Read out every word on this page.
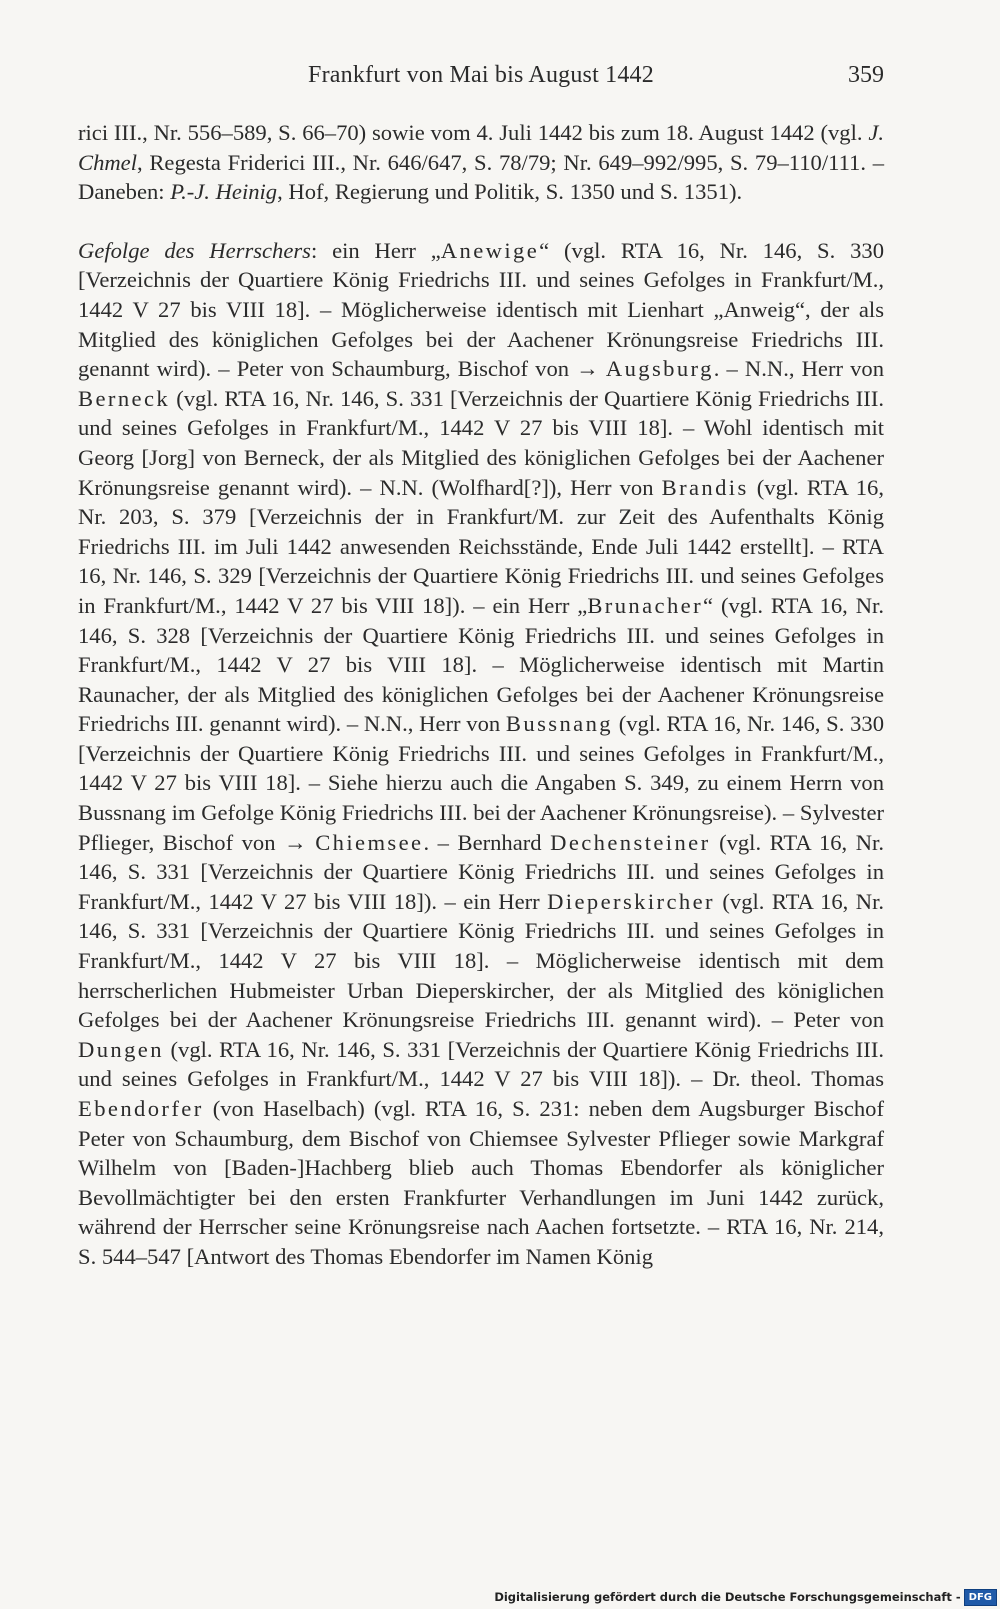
Frankfurt von Mai bis August 1442	359

rici III., Nr. 556–589, S. 66–70) sowie vom 4. Juli 1442 bis zum 18. August 1442 (vgl. J. Chmel, Regesta Friderici III., Nr. 646/647, S. 78/79; Nr. 649–992/995, S. 79–110/111. – Daneben: P.-J. Heinig, Hof, Regierung und Politik, S. 1350 und S. 1351).

Gefolge des Herrschers: ein Herr „Anewige“ (vgl. RTA 16, Nr. 146, S. 330 [Verzeichnis der Quartiere König Friedrichs III. und seines Gefolges in Frankfurt/M., 1442 V 27 bis VIII 18]. – Möglicherweise identisch mit Lienhart „Anweig“, der als Mitglied des königlichen Gefolges bei der Aachener Krönungsreise Friedrichs III. genannt wird). – Peter von Schaumburg, Bischof von → Augsburg. – N.N., Herr von Berneck (vgl. RTA 16, Nr. 146, S. 331 [Verzeichnis der Quartiere König Friedrichs III. und seines Gefolges in Frankfurt/M., 1442 V 27 bis VIII 18]. – Wohl identisch mit Georg [Jorg] von Berneck, der als Mitglied des königlichen Gefolges bei der Aachener Krönungsreise genannt wird). – N.N. (Wolfhard[?]), Herr von Brandis (vgl. RTA 16, Nr. 203, S. 379 [Verzeichnis der in Frankfurt/M. zur Zeit des Aufenthalts König Friedrichs III. im Juli 1442 anwesenden Reichsstände, Ende Juli 1442 erstellt]. – RTA 16, Nr. 146, S. 329 [Verzeichnis der Quartiere König Friedrichs III. und seines Gefolges in Frankfurt/M., 1442 V 27 bis VIII 18]). – ein Herr „Brunacher“ (vgl. RTA 16, Nr. 146, S. 328 [Verzeichnis der Quartiere König Friedrichs III. und seines Gefolges in Frankfurt/M., 1442 V 27 bis VIII 18]. – Möglicherweise identisch mit Martin Raunacher, der als Mitglied des königlichen Gefolges bei der Aachener Krönungsreise Friedrichs III. genannt wird). – N.N., Herr von Bussnang (vgl. RTA 16, Nr. 146, S. 330 [Verzeichnis der Quartiere König Friedrichs III. und seines Gefolges in Frankfurt/M., 1442 V 27 bis VIII 18]. – Siehe hierzu auch die Angaben S. 349, zu einem Herrn von Bussnang im Gefolge König Friedrichs III. bei der Aachener Krönungsreise). – Sylvester Pflieger, Bischof von → Chiemsee. – Bernhard Dechensteiner (vgl. RTA 16, Nr. 146, S. 331 [Verzeichnis der Quartiere König Friedrichs III. und seines Gefolges in Frankfurt/M., 1442 V 27 bis VIII 18]). – ein Herr Dieperskircher (vgl. RTA 16, Nr. 146, S. 331 [Verzeichnis der Quartiere König Friedrichs III. und seines Gefolges in Frankfurt/M., 1442 V 27 bis VIII 18]. – Möglicherweise identisch mit dem herrscherlichen Hubmeister Urban Dieperskircher, der als Mitglied des königlichen Gefolges bei der Aachener Krönungsreise Friedrichs III. genannt wird). – Peter von Dungen (vgl. RTA 16, Nr. 146, S. 331 [Verzeichnis der Quartiere König Friedrichs III. und seines Gefolges in Frankfurt/M., 1442 V 27 bis VIII 18]). – Dr. theol. Thomas Ebendorfer (von Haselbach) (vgl. RTA 16, S. 231: neben dem Augsburger Bischof Peter von Schaumburg, dem Bischof von Chiemsee Sylvester Pflieger sowie Markgraf Wilhelm von [Baden-]Hachberg blieb auch Thomas Ebendorfer als königlicher Bevollmächtigter bei den ersten Frankfurter Verhandlungen im Juni 1442 zurück, während der Herrscher seine Krönungsreise nach Aachen fortsetzte. – RTA 16, Nr. 214, S. 544–547 [Antwort des Thomas Ebendorfer im Namen König

Digitalisierung gefördert durch die Deutsche Forschungsgemeinschaft - DFG
